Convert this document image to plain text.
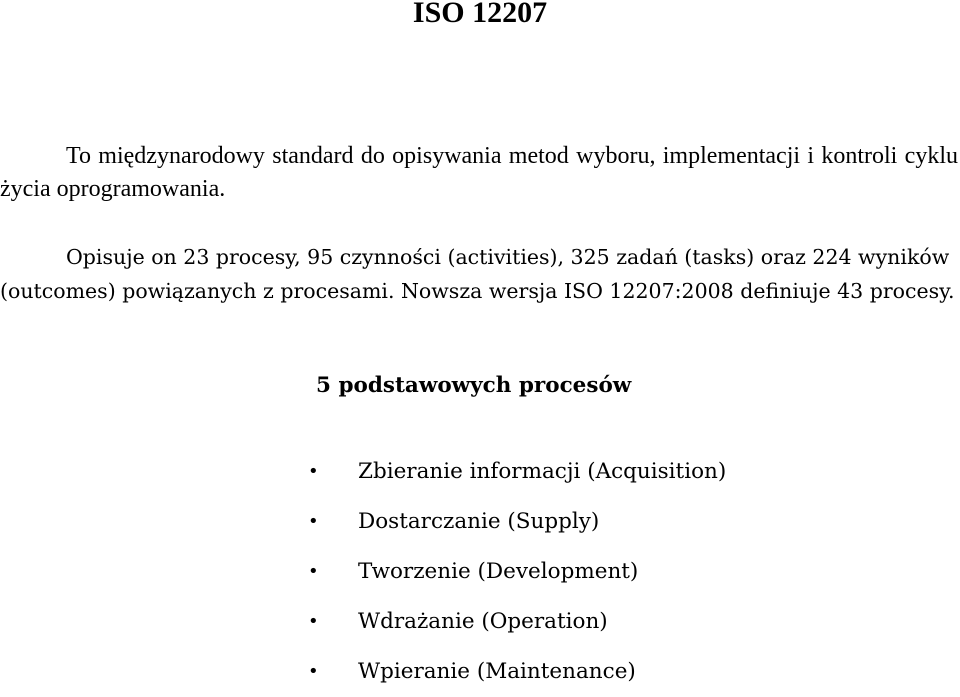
ISO 12207

To międzynarodowy standard do opisywania metod wyboru, implementacji i kontroli cyklu życia oprogramowania.

Opisuje on 23 procesy, 95 czynności (activities), 325 zadań (tasks) oraz 224 wyników (outcomes) powiązanych z procesami. Nowsza wersja ISO 12207:2008 definiuje 43 procesy.

5 podstawowych procesów
•	Zbieranie informacji (Acquisition)
•	Dostarczanie (Supply)
•	Tworzenie (Development)
•	Wdrażanie (Operation)
•	Wpieranie (Maintenance)
